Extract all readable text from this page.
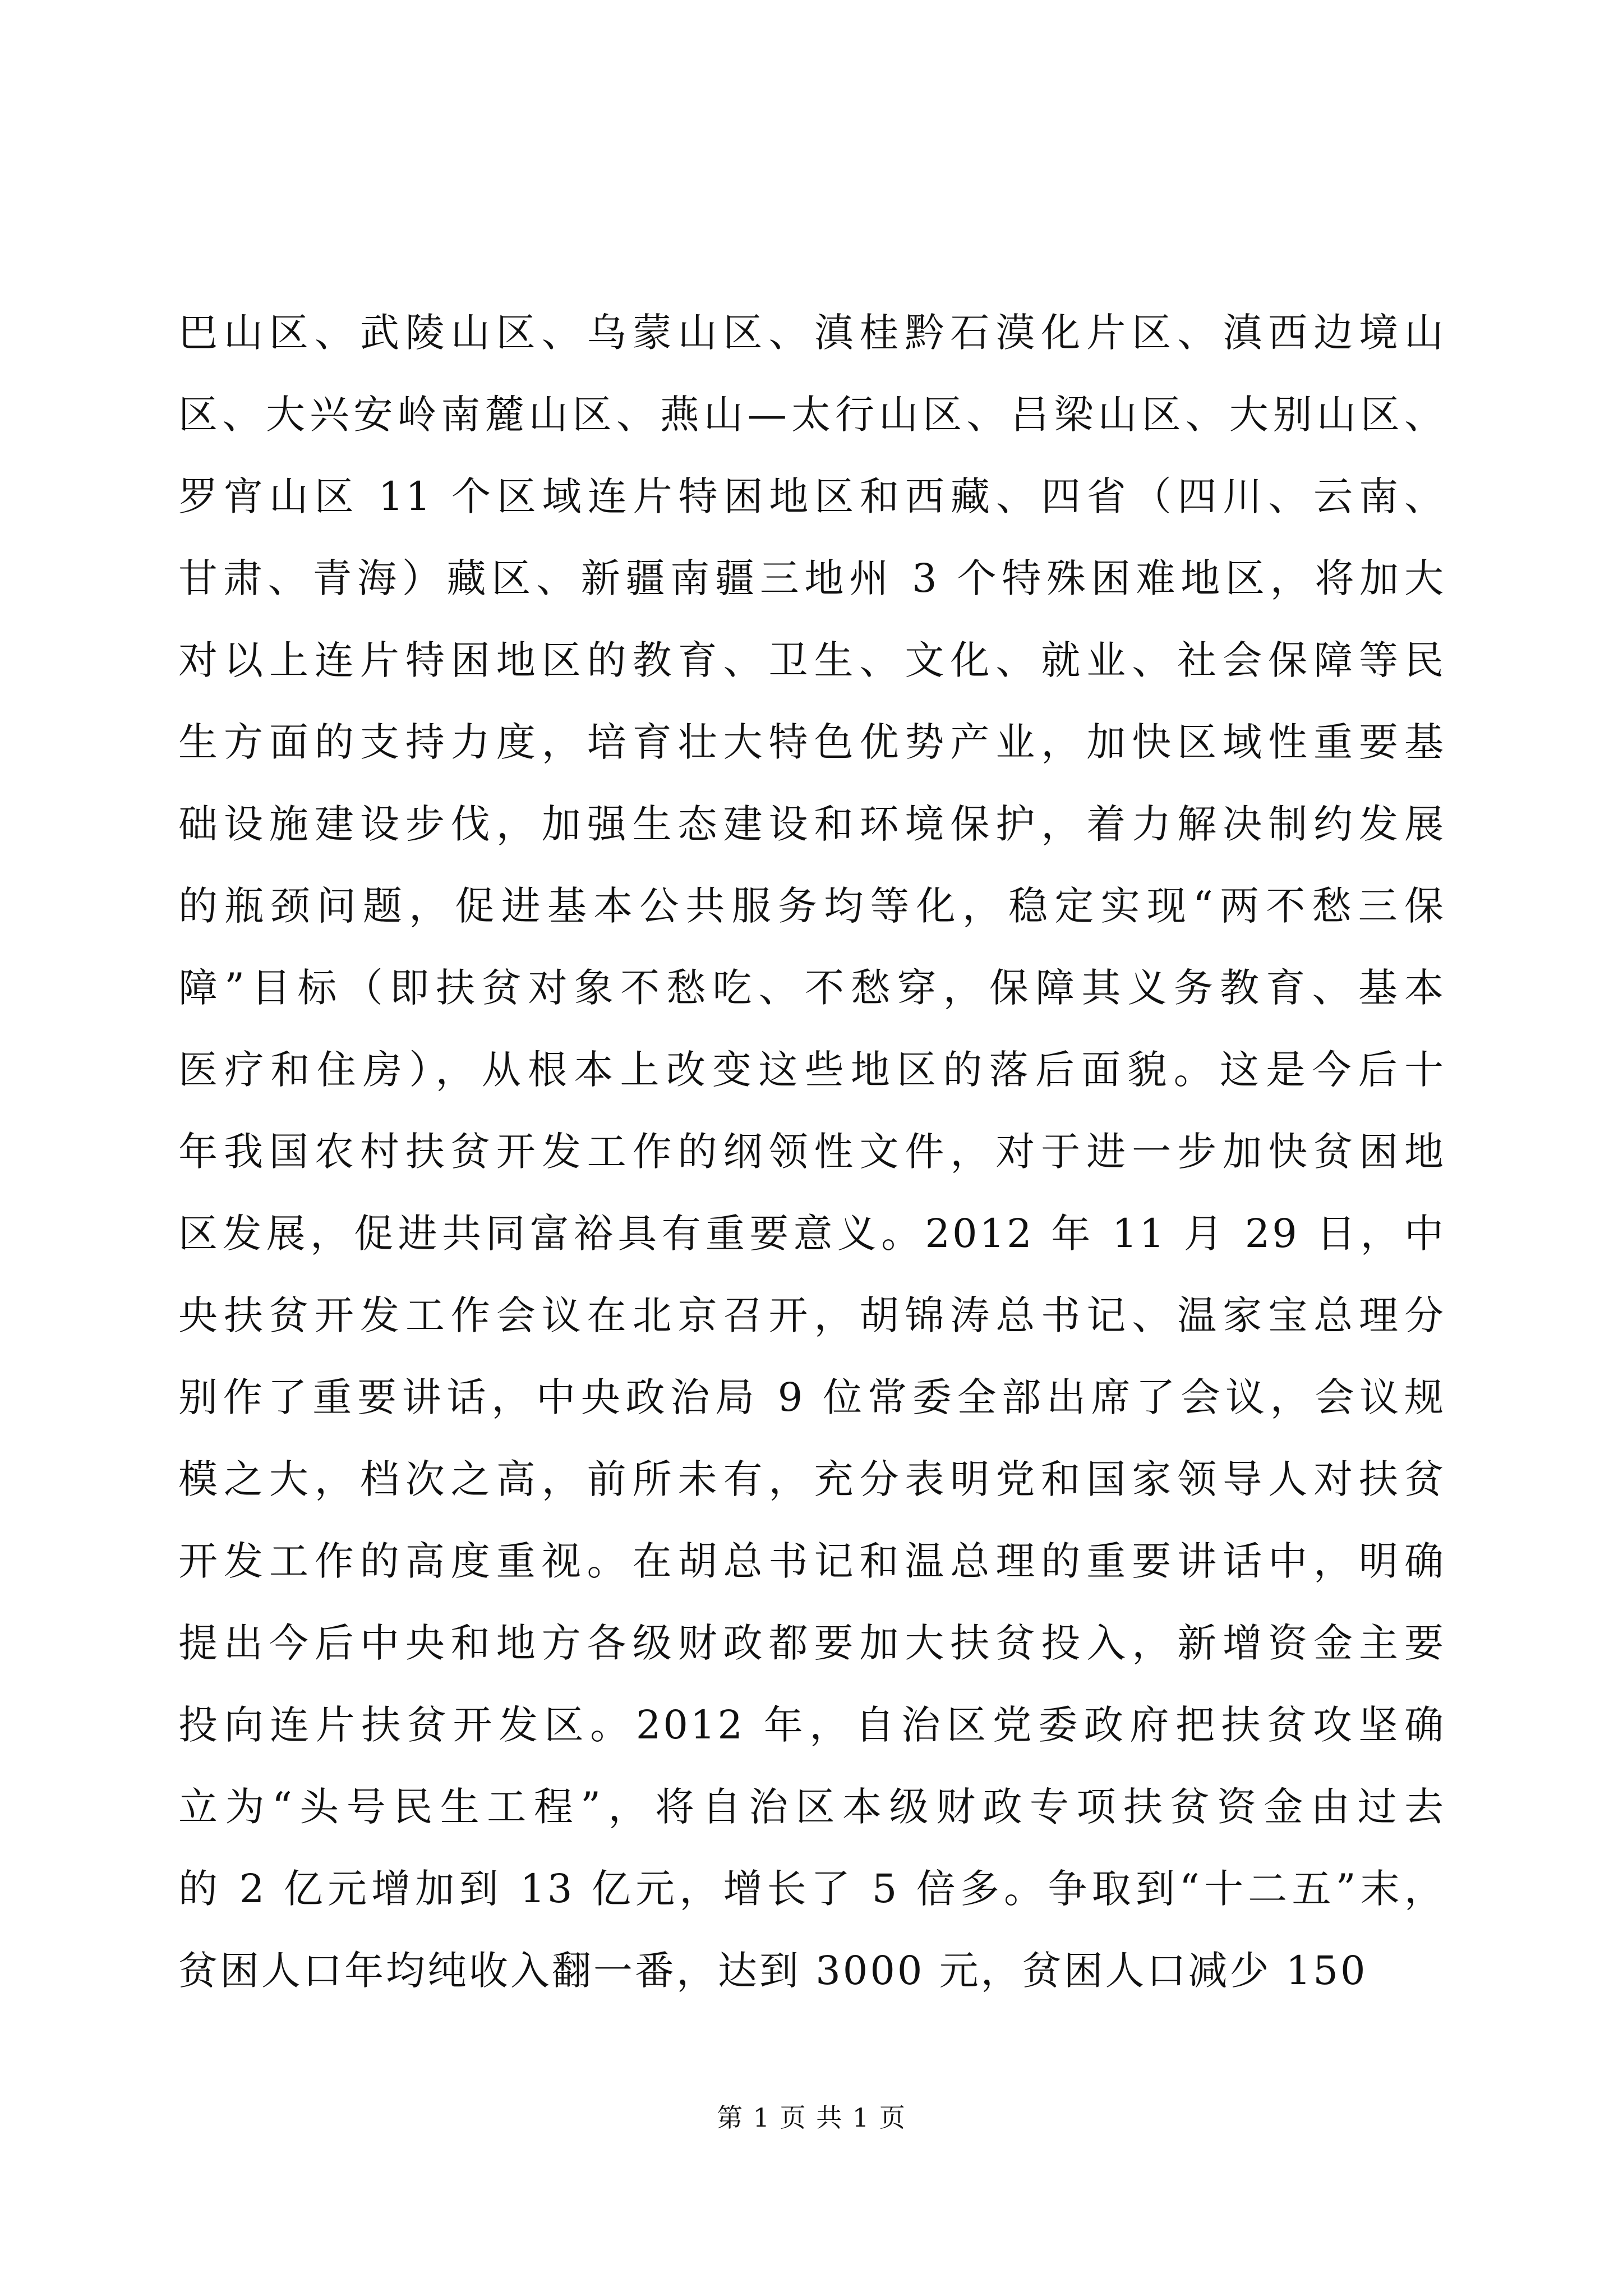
巴山区、武陵山区、乌蒙山区、滇桂黔石漠化片区、滇西边境山
区、大兴安岭南麓山区、燕山—太行山区、吕梁山区、大别山区、
罗宵山区 11 个区域连片特困地区和西藏、四省（四川、云南、
甘肃、青海）藏区、新疆南疆三地州 3 个特殊困难地区，将加大
对以上连片特困地区的教育、卫生、文化、就业、社会保障等民
生方面的支持力度，培育壮大特色优势产业，加快区域性重要基
础设施建设步伐，加强生态建设和环境保护，着力解决制约发展
的瓶颈问题，促进基本公共服务均等化，稳定实现“两不愁三保
障”目标（即扶贫对象不愁吃、不愁穿，保障其义务教育、基本
医疗和住房），从根本上改变这些地区的落后面貌。这是今后十
年我国农村扶贫开发工作的纲领性文件，对于进一步加快贫困地
区发展，促进共同富裕具有重要意义。2012 年 11 月 29 日，中
央扶贫开发工作会议在北京召开，胡锦涛总书记、温家宝总理分
别作了重要讲话，中央政治局 9 位常委全部出席了会议，会议规
模之大，档次之高，前所未有，充分表明党和国家领导人对扶贫
开发工作的高度重视。在胡总书记和温总理的重要讲话中，明确
提出今后中央和地方各级财政都要加大扶贫投入，新增资金主要
投向连片扶贫开发区。2012 年，自治区党委政府把扶贫攻坚确
立为“头号民生工程”，将自治区本级财政专项扶贫资金由过去
的 2 亿元增加到 13 亿元，增长了 5 倍多。争取到“十二五”末，
贫困人口年均纯收入翻一番，达到 3000 元，贫困人口减少 150
第 1 页 共 1 页
